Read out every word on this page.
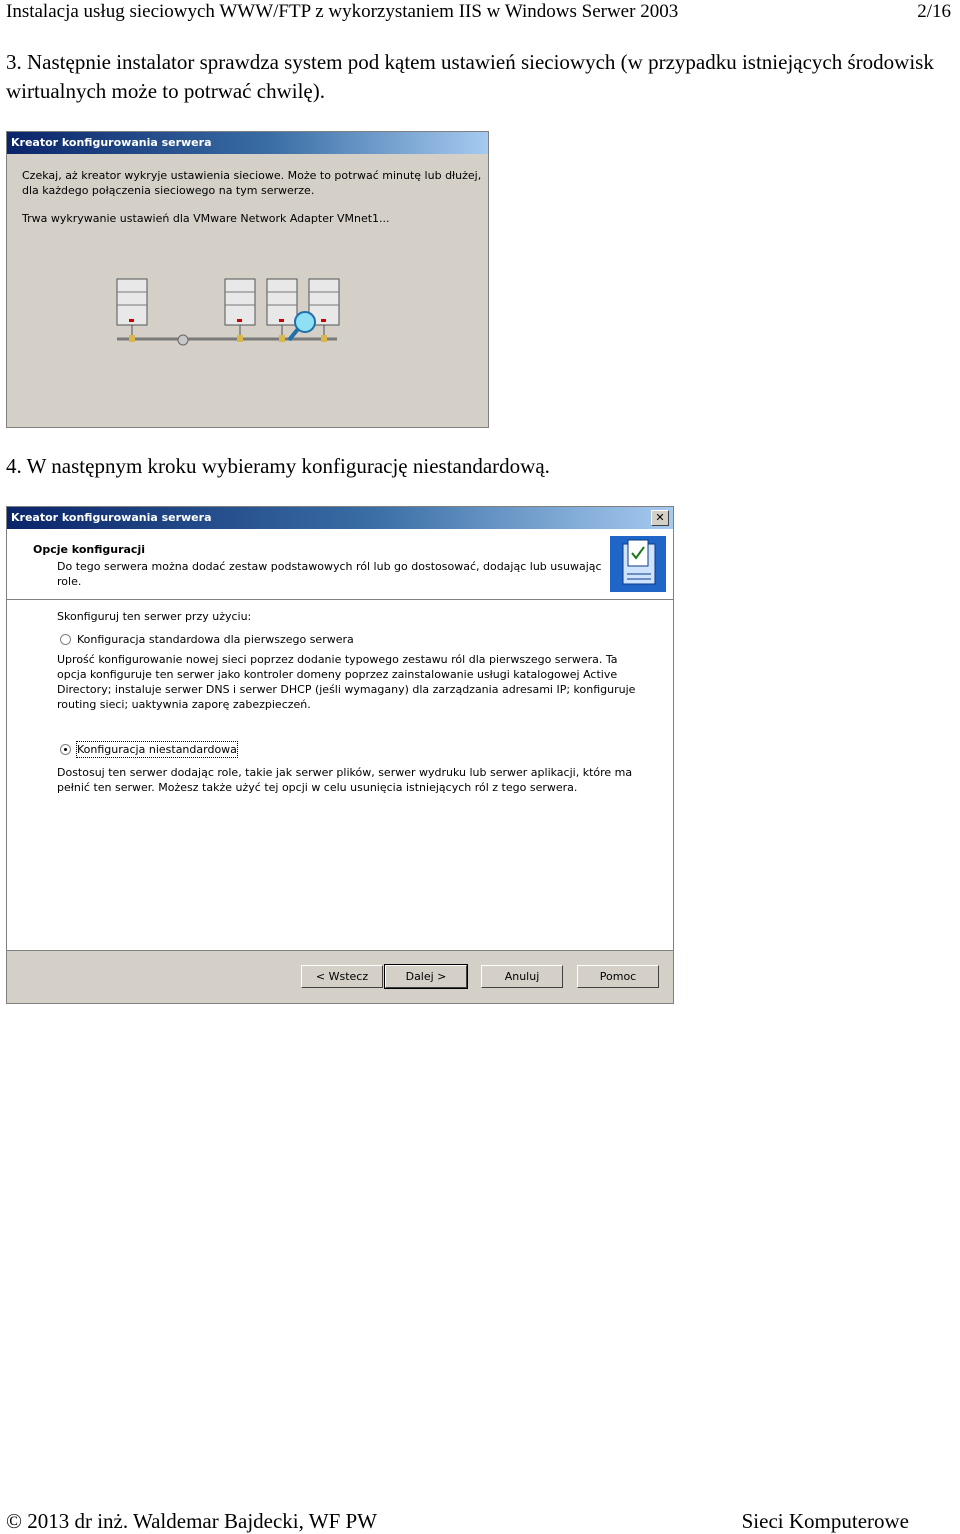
Instalacja usług sieciowych WWW/FTP z wykorzystaniem IIS w Windows Serwer 2003	2/16
3. Następnie instalator sprawdza system pod kątem ustawień sieciowych (w przypadku istniejących środowisk wirtualnych może to potrwać chwilę).
Kreator konfigurowania serwera
Czekaj, aż kreator wykryje ustawienia sieciowe. Może to potrwać minutę lub dłużej,
dla każdego połączenia sieciowego na tym serwerze.
Trwa wykrywanie ustawień dla VMware Network Adapter VMnet1...
4. W następnym kroku wybieramy konfigurację niestandardową.
Kreator konfigurowania serwera	✕
Opcje konfiguracji
Do tego serwera można dodać zestaw podstawowych ról lub go dostosować, dodając lub usuwając
role.
Skonfiguruj ten serwer przy użyciu:
Konfiguracja standardowa dla pierwszego serwera
Uprość konfigurowanie nowej sieci poprzez dodanie typowego zestawu ról dla pierwszego serwera. Ta
opcja konfiguruje ten serwer jako kontroler domeny poprzez zainstalowanie usługi katalogowej Active
Directory; instaluje serwer DNS i serwer DHCP (jeśli wymagany) dla zarządzania adresami IP; konfiguruje
routing sieci; uaktywnia zaporę zabezpieczeń.
Konfiguracja niestandardowa
Dostosuj ten serwer dodając role, takie jak serwer plików, serwer wydruku lub serwer aplikacji, które ma
pełnić ten serwer. Możesz także użyć tej opcji w celu usunięcia istniejących ról z tego serwera.
< Wstecz	Dalej >	Anuluj	Pomoc
© 2013 dr inż. Waldemar Bajdecki, WF PW	Sieci Komputerowe
